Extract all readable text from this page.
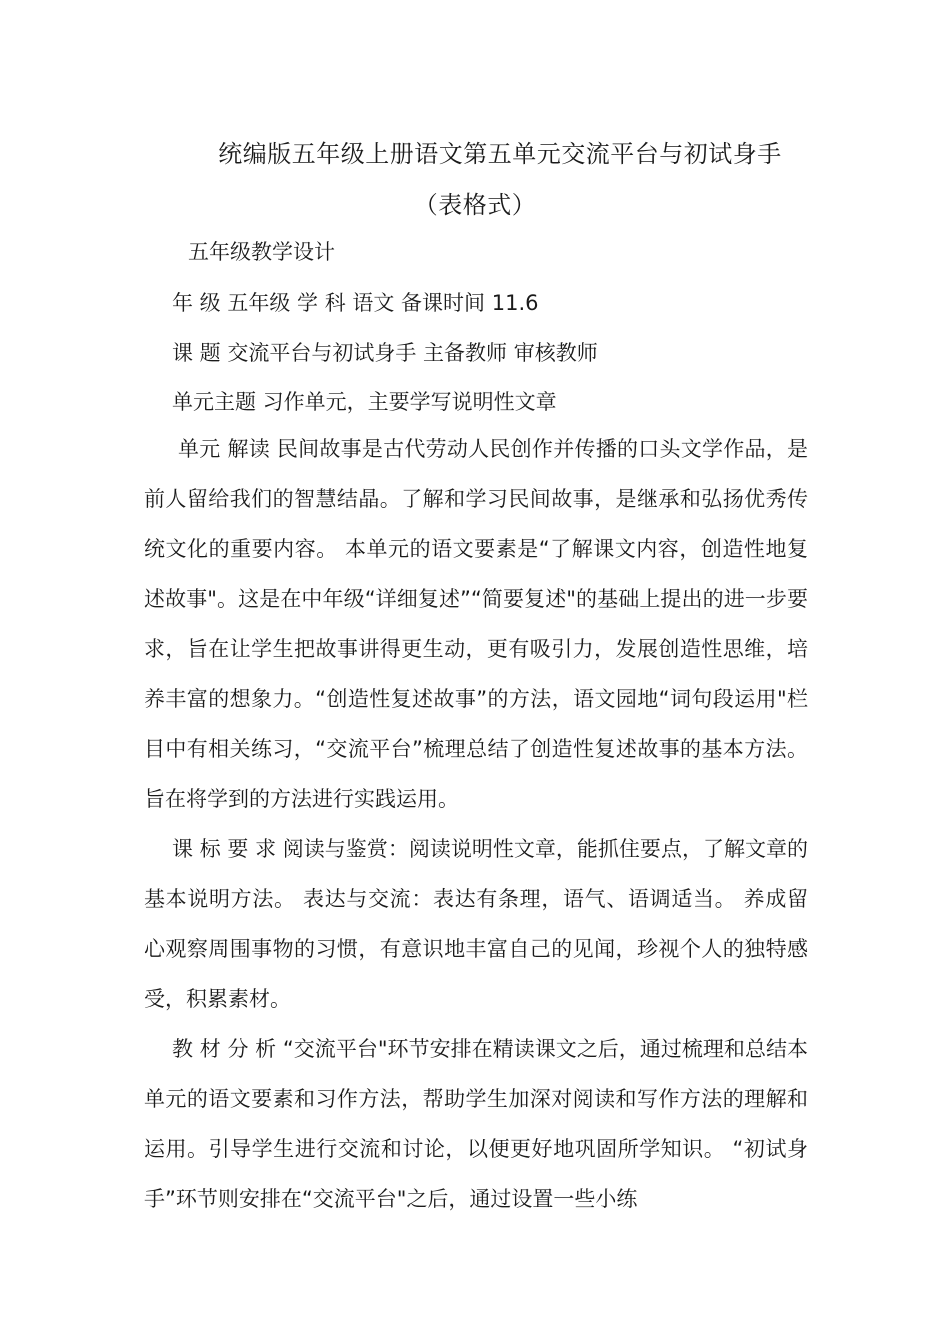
统编版五年级上册语文第五单元交流平台与初试身手
（表格式）

五年级教学设计

年 级 五年级 学 科 语文 备课时间 11.6

课 题 交流平台与初试身手 主备教师 审核教师

单元主题 习作单元，主要学写说明性文章

单元 解读 民间故事是古代劳动人民创作并传播的口头文学作品，是前人留给我们的智慧结晶。了解和学习民间故事，是继承和弘扬优秀传统文化的重要内容。 本单元的语文要素是“了解课文内容，创造性地复述故事"。这是在中年级“详细复述”“简要复述"的基础上提出的进一步要求，旨在让学生把故事讲得更生动，更有吸引力，发展创造性思维，培养丰富的想象力。“创造性复述故事”的方法，语文园地“词句段运用"栏目中有相关练习，“交流平台”梳理总结了创造性复述故事的基本方法。旨在将学到的方法进行实践运用。

课 标 要 求 阅读与鉴赏：阅读说明性文章，能抓住要点，了解文章的基本说明方法。 表达与交流：表达有条理，语气、语调适当。 养成留心观察周围事物的习惯，有意识地丰富自己的见闻，珍视个人的独特感受，积累素材。

教 材 分 析 “交流平台"环节安排在精读课文之后，通过梳理和总结本单元的语文要素和习作方法，帮助学生加深对阅读和写作方法的理解和运用。引导学生进行交流和讨论，以便更好地巩固所学知识。 “初试身手”环节则安排在“交流平台"之后，通过设置一些小练
